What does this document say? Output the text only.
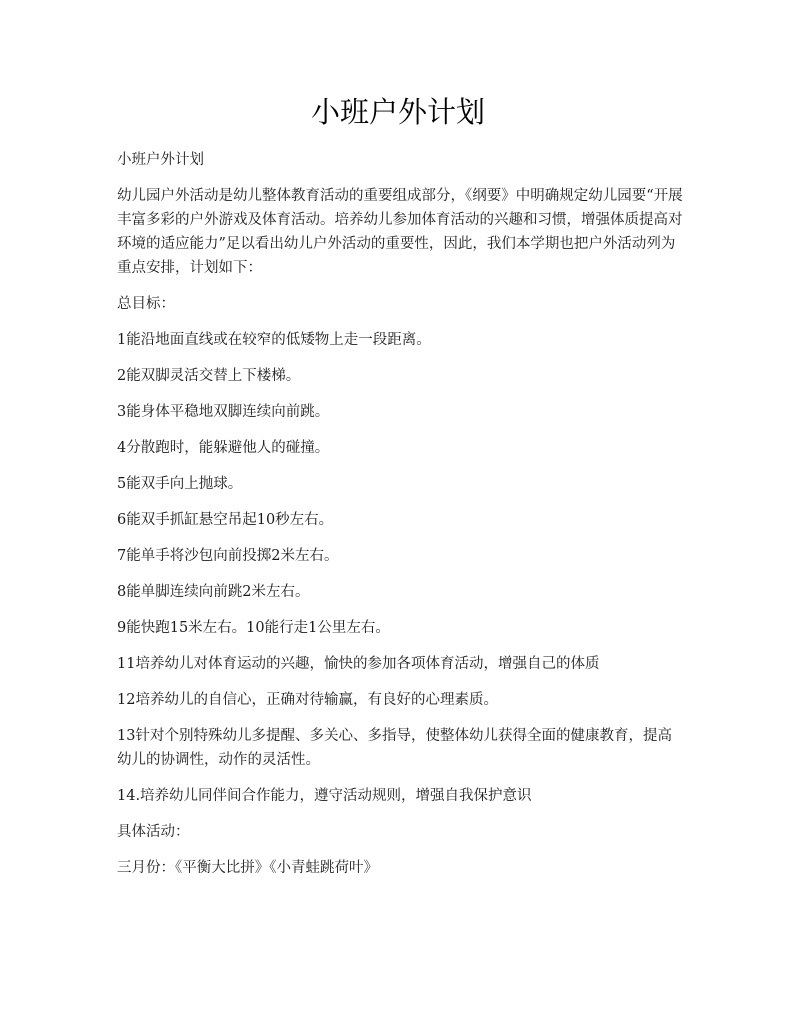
小班户外计划

小班户外计划

幼儿园户外活动是幼儿整体教育活动的重要组成部分，《纲要》中明确规定幼儿园要“开展丰富多彩的户外游戏及体育活动。培养幼儿参加体育活动的兴趣和习惯，增强体质提高对环境的适应能力”足以看出幼儿户外活动的重要性，因此，我们本学期也把户外活动列为重点安排，计划如下：

总目标：

1能沿地面直线或在较窄的低矮物上走一段距离。

2能双脚灵活交替上下楼梯。

3能身体平稳地双脚连续向前跳。

4分散跑时，能躲避他人的碰撞。

5能双手向上抛球。

6能双手抓缸悬空吊起10秒左右。

7能单手将沙包向前投掷2米左右。

8能单脚连续向前跳2米左右。

9能快跑15米左右。10能行走1公里左右。

11培养幼儿对体育运动的兴趣，愉快的参加各项体育活动，增强自己的体质

12培养幼儿的自信心，正确对待输赢，有良好的心理素质。

13针对个别特殊幼儿多提醒、多关心、多指导，使整体幼儿获得全面的健康教育，提高幼儿的协调性，动作的灵活性。

14.培养幼儿同伴间合作能力，遵守活动规则，增强自我保护意识

具体活动：

三月份：《平衡大比拼》《小青蛙跳荷叶》
